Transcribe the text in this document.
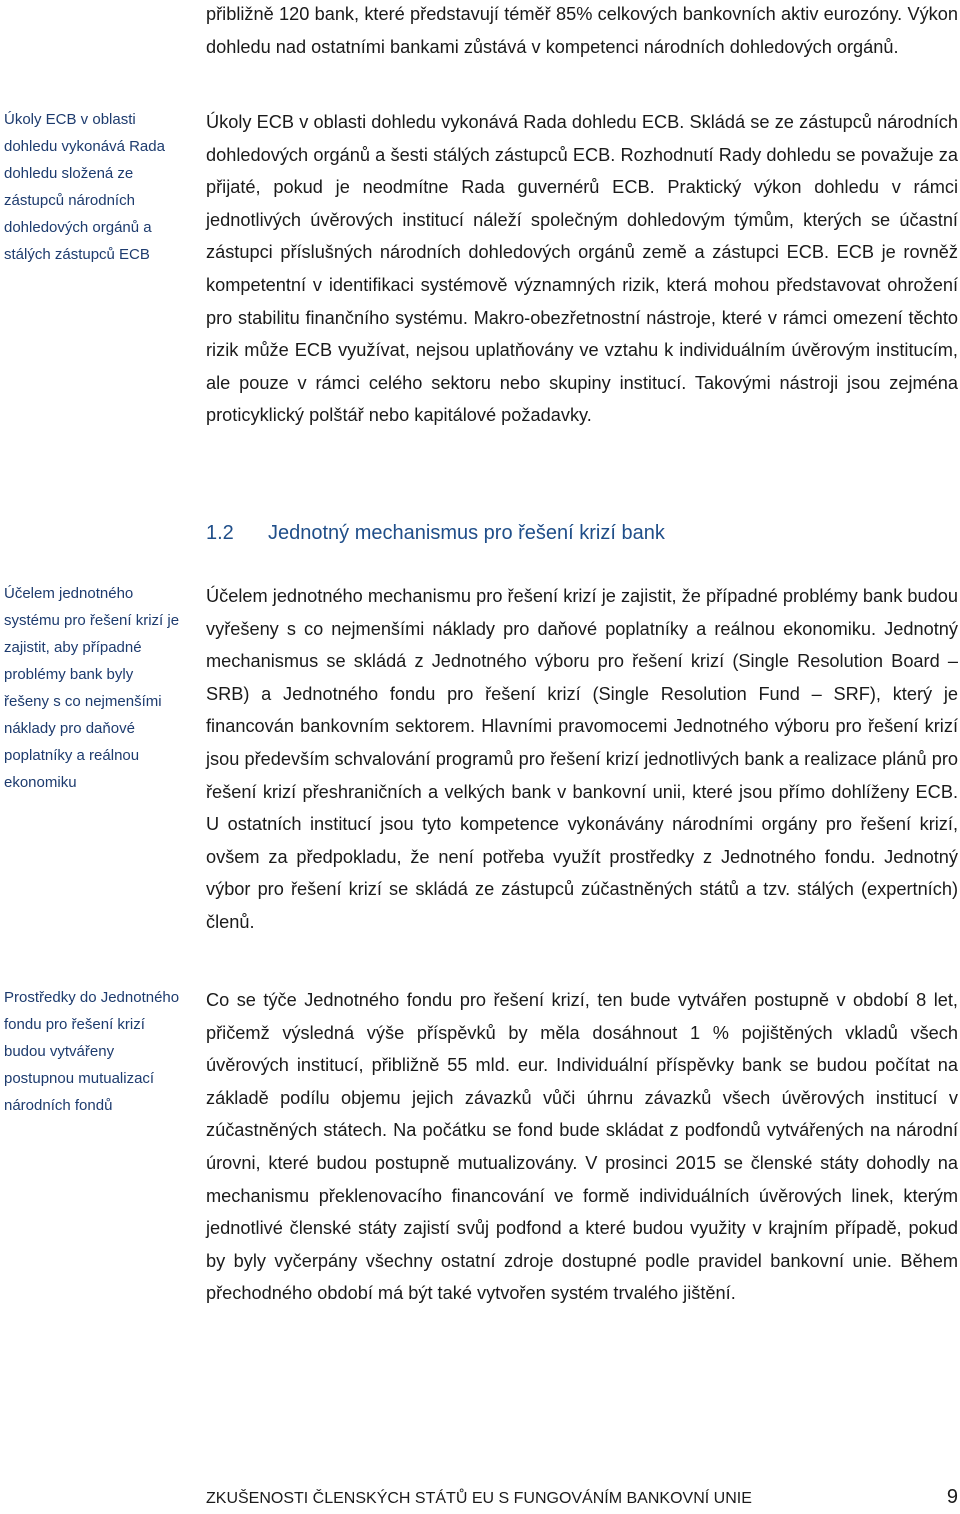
Úkoly ECB v oblasti dohledu vykonává Rada dohledu složená ze zástupců národních dohledových orgánů a stálých zástupců ECB

Účelem jednotného systému pro řešení krizí je zajistit, aby případné problémy bank byly řešeny s co nejmenšími náklady pro daňové poplatníky a reálnou ekonomiku

Prostředky do Jednotného fondu pro řešení krizí budou vytvářeny postupnou mutualizací národních fondů

přibližně 120 bank, které představují téměř 85% celkových bankovních aktiv eurozóny. Výkon dohledu nad ostatními bankami zůstává v kompetenci národních dohledových orgánů.

Úkoly ECB v oblasti dohledu vykonává Rada dohledu ECB. Skládá se ze zástupců národních dohledových orgánů a šesti stálých zástupců ECB. Rozhodnutí Rady dohledu se považuje za přijaté, pokud je neodmítne Rada guvernérů ECB. Praktický výkon dohledu v rámci jednotlivých úvěrových institucí náleží společným dohledovým týmům, kterých se účastní zástupci příslušných národních dohledových orgánů země a zástupci ECB. ECB je rovněž kompetentní v identifikaci systémově významných rizik, která mohou představovat ohrožení pro stabilitu finančního systému. Makro-obezřetnostní nástroje, které v rámci omezení těchto rizik může ECB využívat, nejsou uplatňovány ve vztahu k individuálním úvěrovým institucím, ale pouze v rámci celého sektoru nebo skupiny institucí. Takovými nástroji jsou zejména proticyklický polštář nebo kapitálové požadavky.

1.2 Jednotný mechanismus pro řešení krizí bank

Účelem jednotného mechanismu pro řešení krizí je zajistit, že případné problémy bank budou vyřešeny s co nejmenšími náklady pro daňové poplatníky a reálnou ekonomiku. Jednotný mechanismus se skládá z Jednotného výboru pro řešení krizí (Single Resolution Board – SRB) a Jednotného fondu pro řešení krizí (Single Resolution Fund – SRF), který je financován bankovním sektorem. Hlavními pravomocemi Jednotného výboru pro řešení krizí jsou především schvalování programů pro řešení krizí jednotlivých bank a realizace plánů pro řešení krizí přeshraničních a velkých bank v bankovní unii, které jsou přímo dohlíženy ECB. U ostatních institucí jsou tyto kompetence vykonávány národními orgány pro řešení krizí, ovšem za předpokladu, že není potřeba využít prostředky z Jednotného fondu. Jednotný výbor pro řešení krizí se skládá ze zástupců zúčastněných států a tzv. stálých (expertních) členů.

Co se týče Jednotného fondu pro řešení krizí, ten bude vytvářen postupně v období 8 let, přičemž výsledná výše příspěvků by měla dosáhnout 1 % pojištěných vkladů všech úvěrových institucí, přibližně 55 mld. eur. Individuální příspěvky bank se budou počítat na základě podílu objemu jejich závazků vůči úhrnu závazků všech úvěrových institucí v zúčastněných státech. Na počátku se fond bude skládat z podfondů vytvářených na národní úrovni, které budou postupně mutualizovány. V prosinci 2015 se členské státy dohodly na mechanismu překlenovacího financování ve formě individuálních úvěrových linek, kterým jednotlivé členské státy zajistí svůj podfond a které budou využity v krajním případě, pokud by byly vyčerpány všechny ostatní zdroje dostupné podle pravidel bankovní unie. Během přechodného období má být také vytvořen systém trvalého jištění.

ZKUŠENOSTI ČLENSKÝCH STÁTŮ EU S FUNGOVÁNÍM BANKOVNÍ UNIE	9
